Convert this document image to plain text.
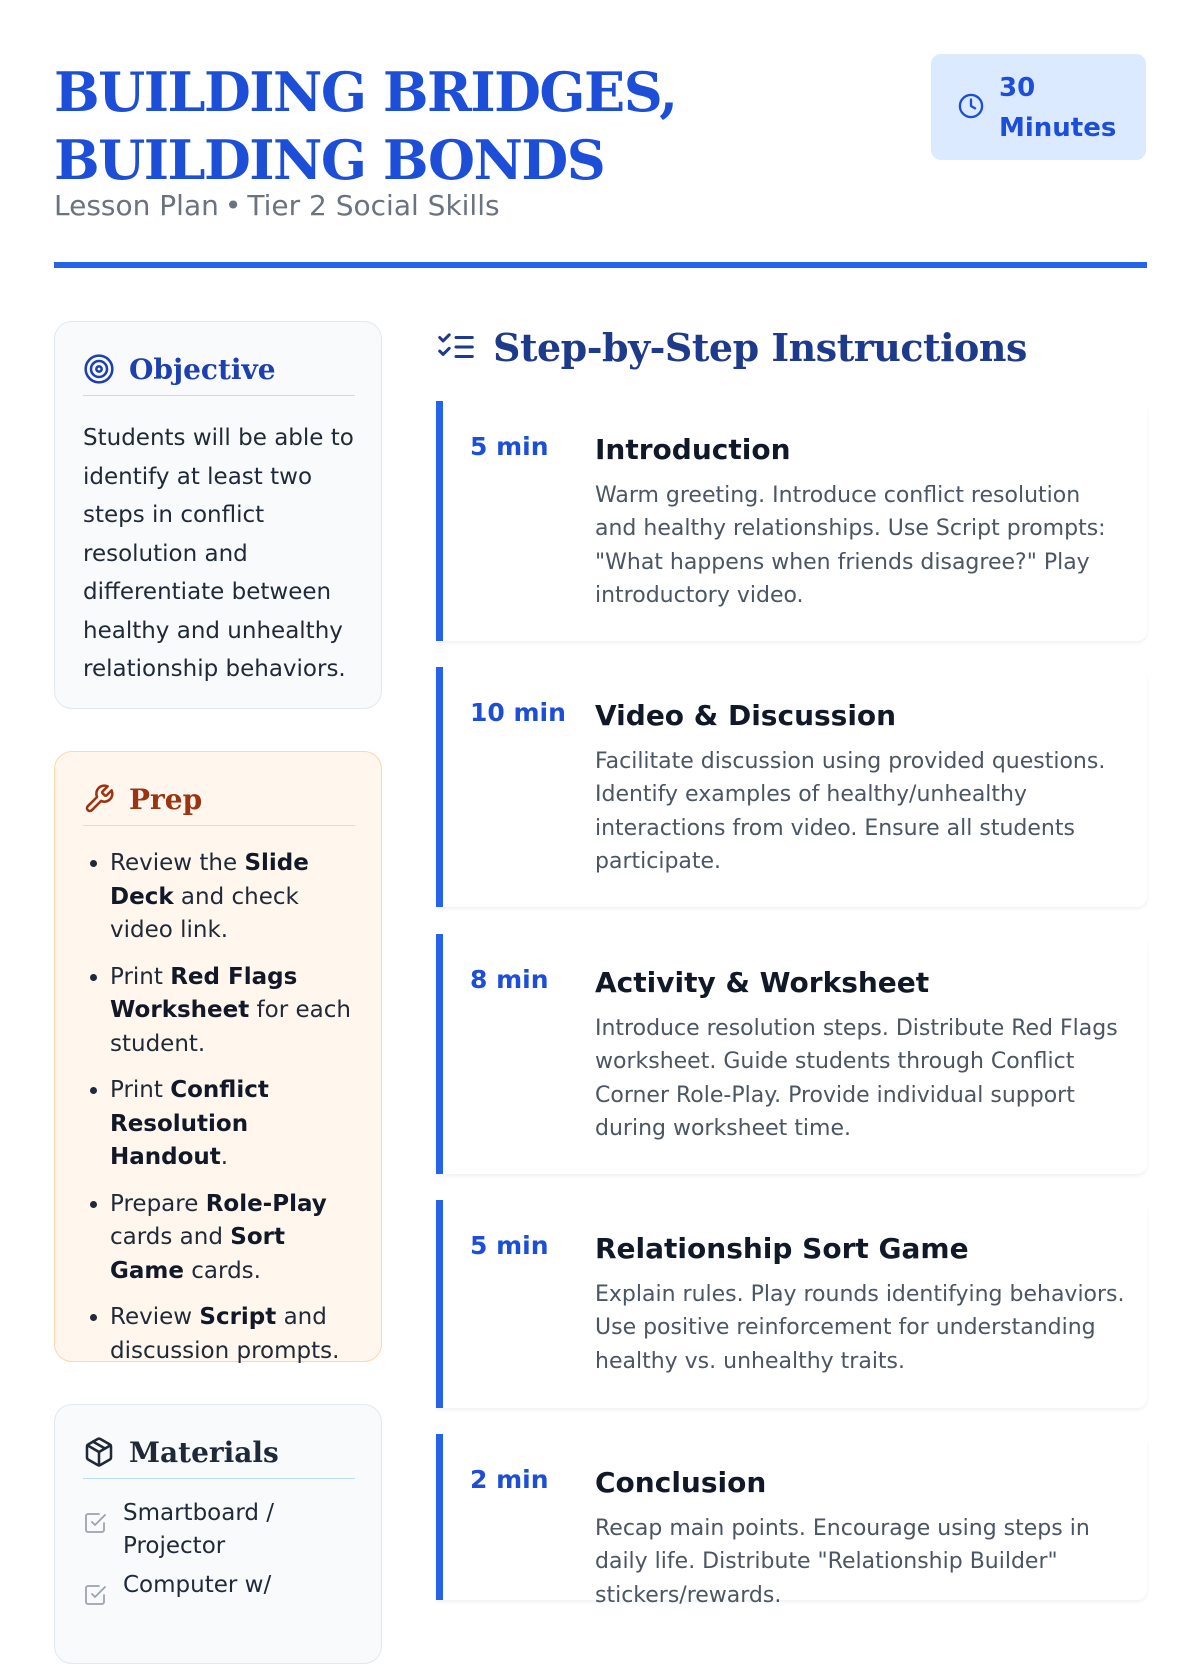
BUILDING BRIDGES, BUILDING BONDS

Lesson Plan • Tier 2 Social Skills

30 Minutes
Objective
Students will be able to identify at least two steps in conflict resolution and differentiate between healthy and unhealthy relationship behaviors.
Prep
• Review the Slide Deck and check video link.
• Print Red Flags Worksheet for each student.
• Print Conflict Resolution Handout.
• Prepare Role-Play cards and Sort Game cards.
• Review Script and discussion prompts.
Materials
Smartboard / Projector
Computer w/
Step-by-Step Instructions
5 min Introduction
Warm greeting. Introduce conflict resolution and healthy relationships. Use Script prompts: "What happens when friends disagree?" Play introductory video.
10 min Video & Discussion
Facilitate discussion using provided questions. Identify examples of healthy/unhealthy interactions from video. Ensure all students participate.
8 min Activity & Worksheet
Introduce resolution steps. Distribute Red Flags worksheet. Guide students through Conflict Corner Role-Play. Provide individual support during worksheet time.
5 min Relationship Sort Game
Explain rules. Play rounds identifying behaviors. Use positive reinforcement for understanding healthy vs. unhealthy traits.
2 min Conclusion
Recap main points. Encourage using steps in daily life. Distribute "Relationship Builder" stickers/rewards.
